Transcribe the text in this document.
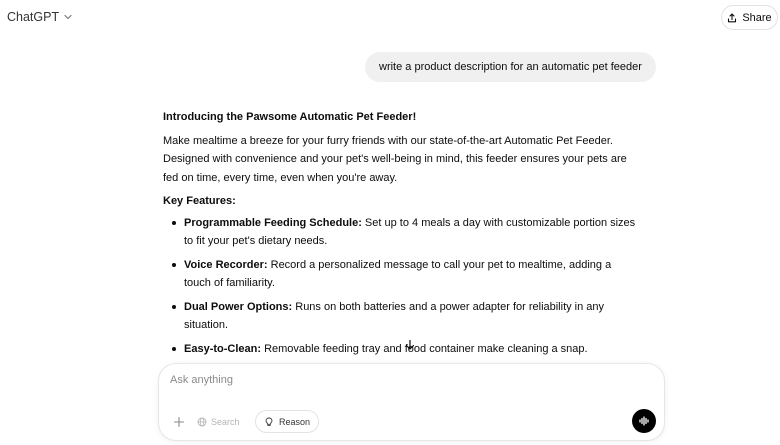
ChatGPT	Share
write a product description for an automatic pet feeder
Introducing the Pawsome Automatic Pet Feeder!
Make mealtime a breeze for your furry friends with our state-of-the-art Automatic Pet Feeder. Designed with convenience and your pet's well-being in mind, this feeder ensures your pets are fed on time, every time, even when you're away.
Key Features:
Programmable Feeding Schedule: Set up to 4 meals a day with customizable portion sizes to fit your pet's dietary needs.
Voice Recorder: Record a personalized message to call your pet to mealtime, adding a touch of familiarity.
Dual Power Options: Runs on both batteries and a power adapter for reliability in any situation.
Easy-to-Clean: Removable feeding tray and food container make cleaning a snap.
Ask anything
Search	Reason
